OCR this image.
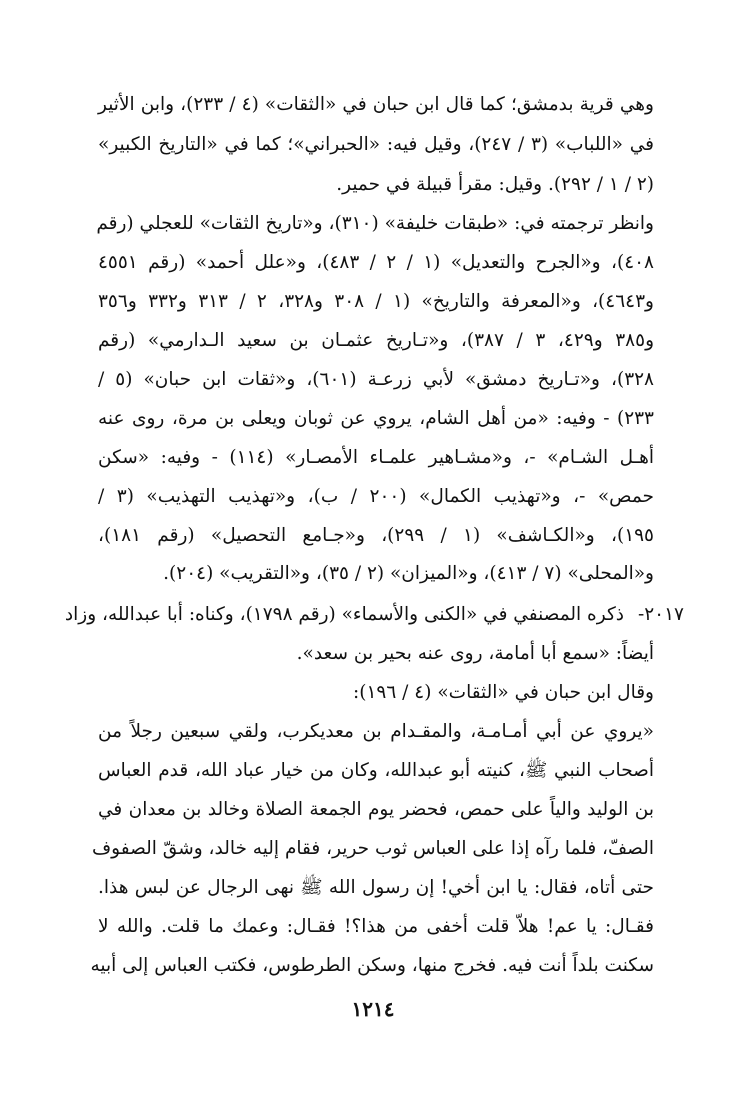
وهي قرية بدمشق؛ كما قال ابن حبان في «الثقات» (٤ / ٢٣٣)، وابن الأثير
في «اللباب» (٣ / ٢٤٧)، وقيل فيه: «الحبراني»؛ كما في «التاريخ الكبير»
(٢ / ١ / ٢٩٢). وقيل: مقرأ قبيلة في حمير.
وانظر ترجمته في: «طبقات خليفة» (٣١٠)، و«تاريخ الثقات» للعجلي (رقم
٤٠٨)، و«الجرح والتعديل» (١ / ٢ / ٤٨٣)، و«علل أحمد» (رقم ٤٥٥١
و٤٦٤٣)، و«المعرفة والتاريخ» (١ / ٣٠٨ و٣٢٨، ٢ / ٣١٣ و٣٣٢ و٣٥٦
و٣٨٥ و٤٢٩، ٣ / ٣٨٧)، و«تـاريخ عثمـان بن سعيد الـدارمي» (رقم
٣٢٨)، و«تـاريخ دمشق» لأبي زرعـة (٦٠١)، و«ثقات ابن حبان» (٥ /
٢٣٣) - وفيه: «من أهل الشام، يروي عن ثوبان ويعلى بن مرة، روى عنه
أهـل الشـام» -، و«مشـاهير علمـاء الأمصـار» (١١٤) - وفيه: «سكن
حمص» -، و«تهذيب الكمال» (٢٠٠ / ب)، و«تهذيب التهذيب» (٣ /
١٩٥)، و«الكـاشف» (١ / ٢٩٩)، و«جـامع التحصيل» (رقم ١٨١)،
و«المحلى» (٧ / ٤١٣)، و«الميزان» (٢ / ٣٥)، و«التقريب» (٢٠٤).
٢٠١٧-
ذكره المصنفي في «الكنى والأسماء» (رقم ١٧٩٨)، وكناه: أبا عبدالله، وزاد
أيضاً: «سمع أبا أمامة، روى عنه بحير بن سعد».
وقال ابن حبان في «الثقات» (٤ / ١٩٦):
«يروي عن أبي أمـامـة، والمقـدام بن معديكرب، ولقي سبعين رجلاً من
أصحاب النبي ﷺ، كنيته أبو عبدالله، وكان من خيار عباد الله، قدم العباس
بن الوليد والياً على حمص، فحضر يوم الجمعة الصلاة وخالد بن معدان في
الصفّ، فلما رآه إذا على العباس ثوب حرير، فقام إليه خالد، وشقّ الصفوف
حتى أتاه، فقال: يا ابن أخي! إن رسول الله ﷺ نهى الرجال عن لبس هذا.
فقـال: يا عم! هلاّ قلت أخفى من هذا؟! فقـال: وعمك ما قلت. والله لا
سكنت بلداً أنت فيه. فخرج منها، وسكن الطرطوس، فكتب العباس إلى أبيه
١٢١٤
